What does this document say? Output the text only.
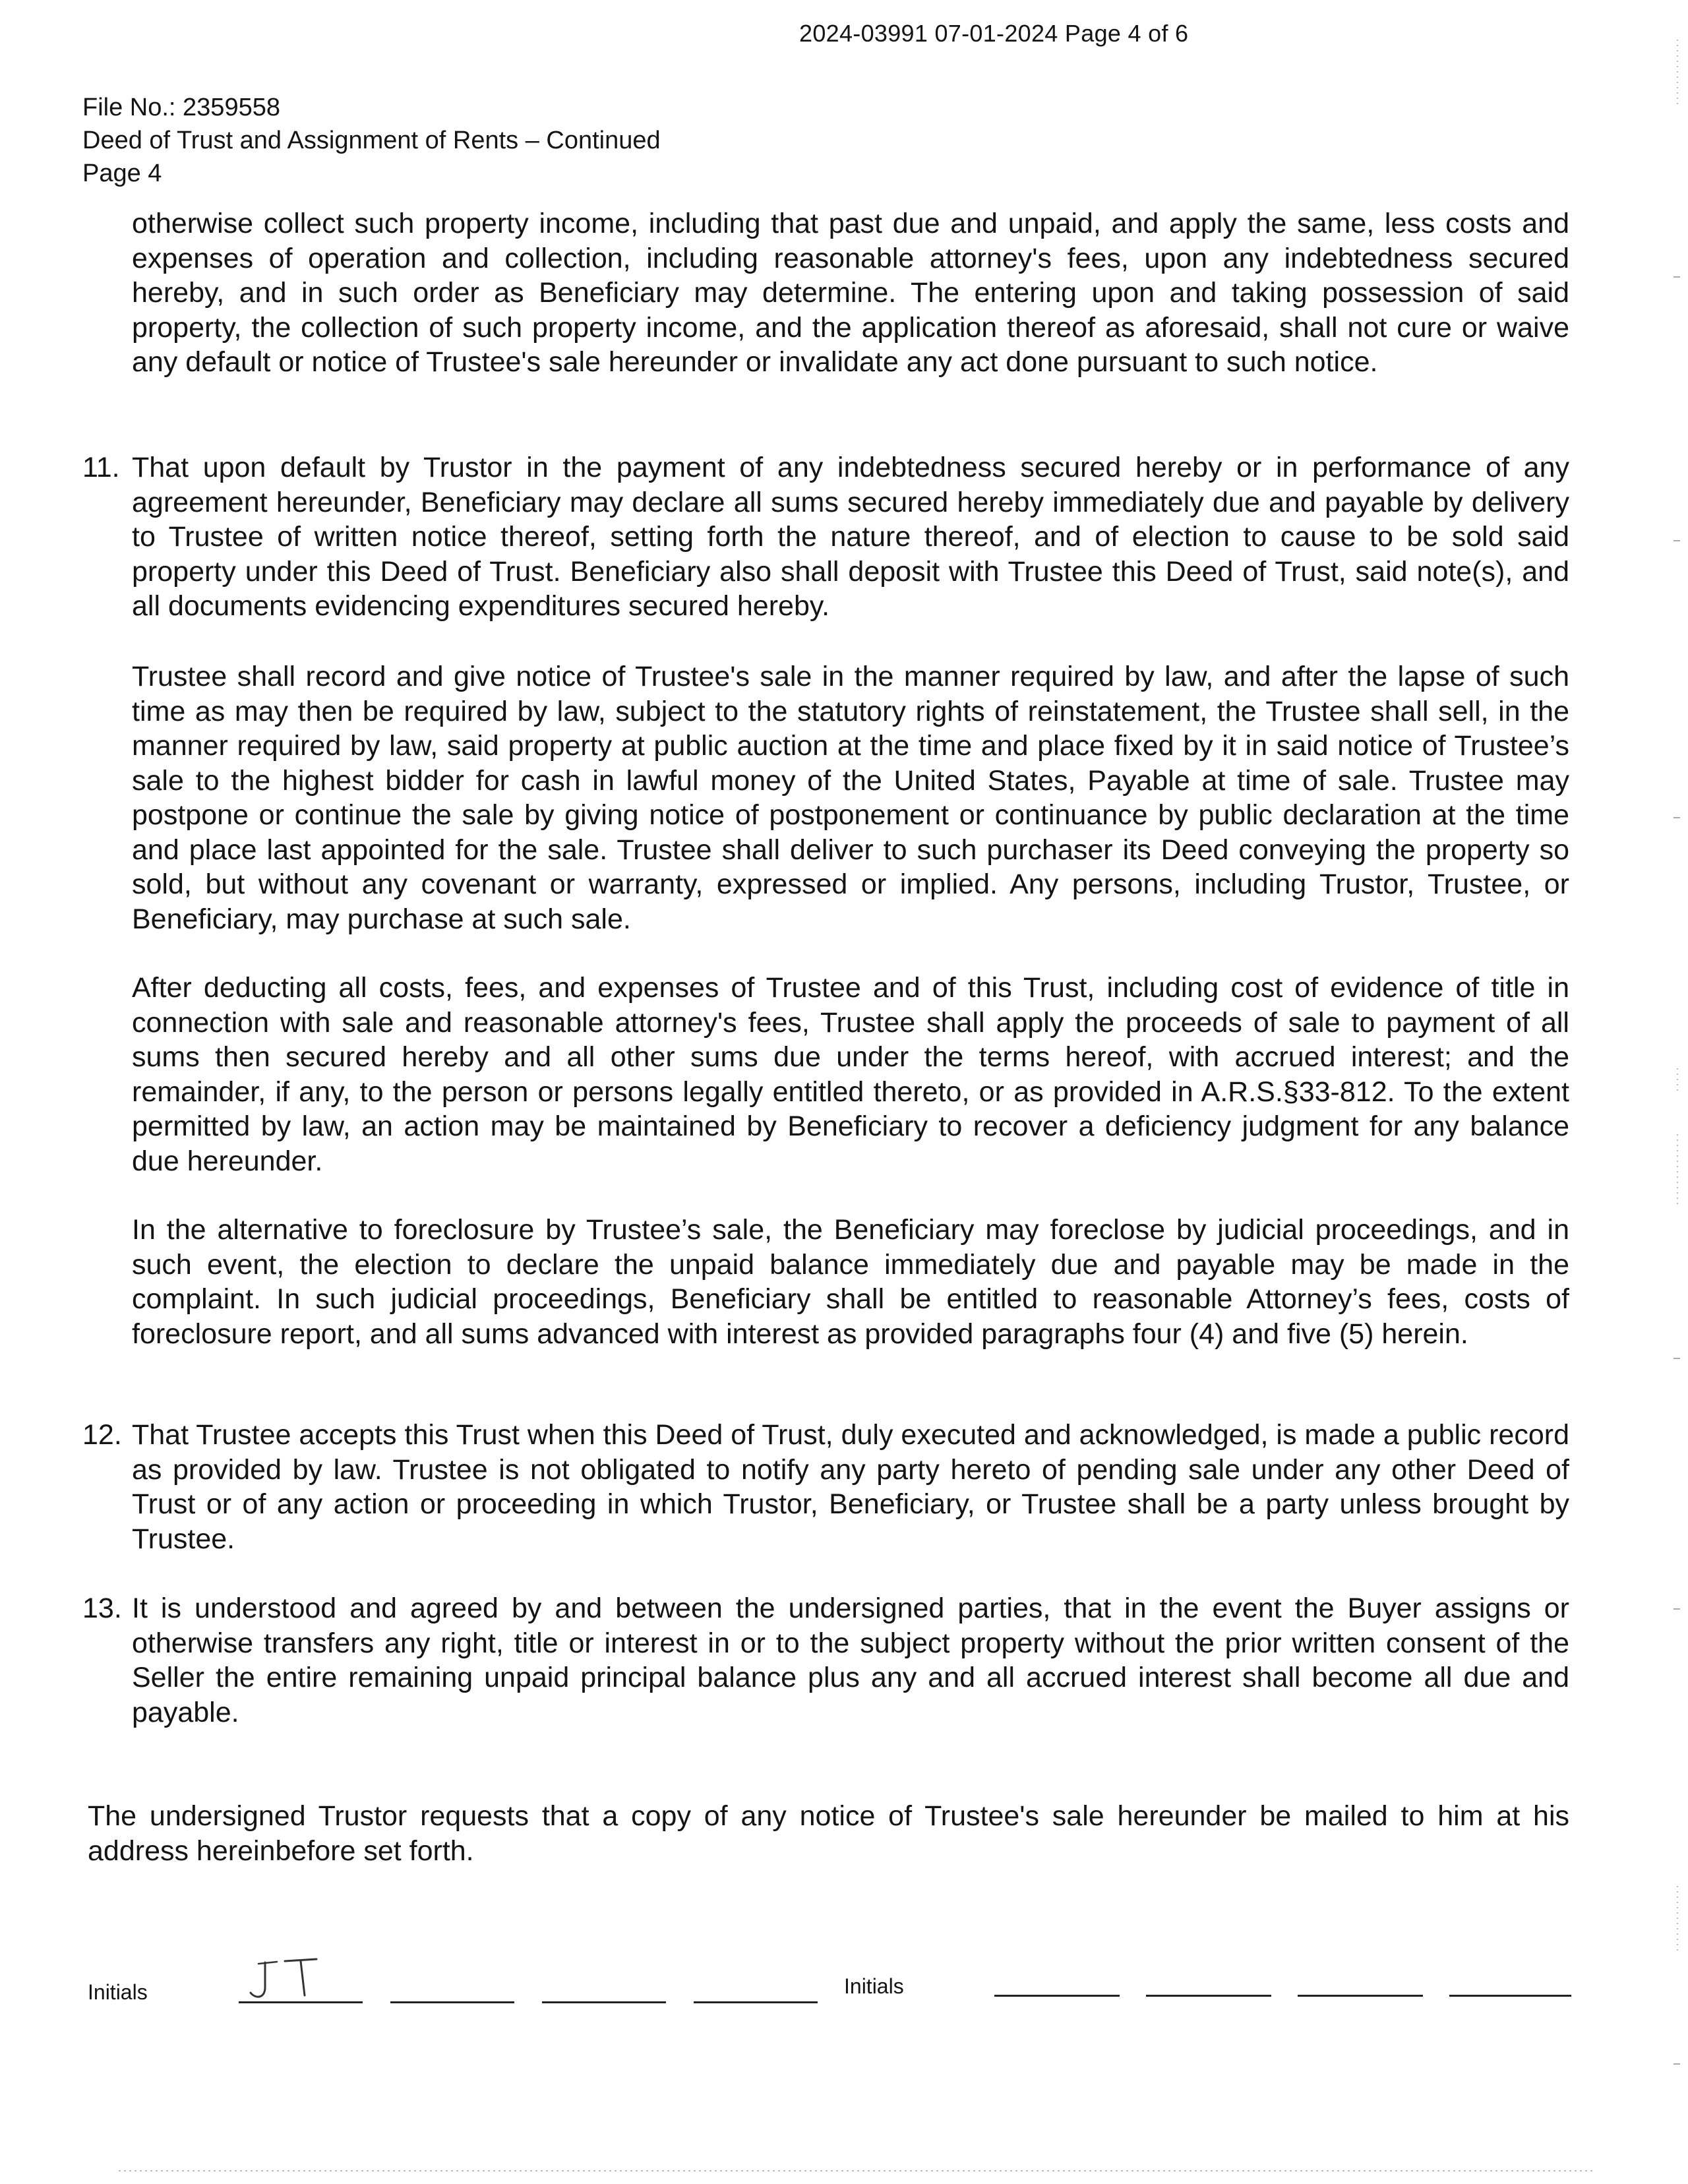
2024-03991 07-01-2024 Page 4 of 6
File No.: 2359558
Deed of Trust and Assignment of Rents – Continued
Page 4
otherwise collect such property income, including that past due and unpaid, and apply the same, less costs and expenses of operation and collection, including reasonable attorney's fees, upon any indebtedness secured hereby, and in such order as Beneficiary may determine. The entering upon and taking possession of said property, the collection of such property income, and the application thereof as aforesaid, shall not cure or waive any default or notice of Trustee's sale hereunder or invalidate any act done pursuant to such notice.
11. That upon default by Trustor in the payment of any indebtedness secured hereby or in performance of any agreement hereunder, Beneficiary may declare all sums secured hereby immediately due and payable by delivery to Trustee of written notice thereof, setting forth the nature thereof, and of election to cause to be sold said property under this Deed of Trust. Beneficiary also shall deposit with Trustee this Deed of Trust, said note(s), and all documents evidencing expenditures secured hereby.
Trustee shall record and give notice of Trustee's sale in the manner required by law, and after the lapse of such time as may then be required by law, subject to the statutory rights of reinstatement, the Trustee shall sell, in the manner required by law, said property at public auction at the time and place fixed by it in said notice of Trustee’s sale to the highest bidder for cash in lawful money of the United States, Payable at time of sale. Trustee may postpone or continue the sale by giving notice of postponement or continuance by public declaration at the time and place last appointed for the sale. Trustee shall deliver to such purchaser its Deed conveying the property so sold, but without any covenant or warranty, expressed or implied. Any persons, including Trustor, Trustee, or Beneficiary, may purchase at such sale.
After deducting all costs, fees, and expenses of Trustee and of this Trust, including cost of evidence of title in connection with sale and reasonable attorney's fees, Trustee shall apply the proceeds of sale to payment of all sums then secured hereby and all other sums due under the terms hereof, with accrued interest; and the remainder, if any, to the person or persons legally entitled thereto, or as provided in A.R.S.§33-812. To the extent permitted by law, an action may be maintained by Beneficiary to recover a deficiency judgment for any balance due hereunder.
In the alternative to foreclosure by Trustee’s sale, the Beneficiary may foreclose by judicial proceedings, and in such event, the election to declare the unpaid balance immediately due and payable may be made in the complaint. In such judicial proceedings, Beneficiary shall be entitled to reasonable Attorney’s fees, costs of foreclosure report, and all sums advanced with interest as provided paragraphs four (4) and five (5) herein.
12. That Trustee accepts this Trust when this Deed of Trust, duly executed and acknowledged, is made a public record as provided by law. Trustee is not obligated to notify any party hereto of pending sale under any other Deed of Trust or of any action or proceeding in which Trustor, Beneficiary, or Trustee shall be a party unless brought by Trustee.
13. It is understood and agreed by and between the undersigned parties, that in the event the Buyer assigns or otherwise transfers any right, title or interest in or to the subject property without the prior written consent of the Seller the entire remaining unpaid principal balance plus any and all accrued interest shall become all due and payable.
The undersigned Trustor requests that a copy of any notice of Trustee's sale hereunder be mailed to him at his address hereinbefore set forth.
Initials	Initials
